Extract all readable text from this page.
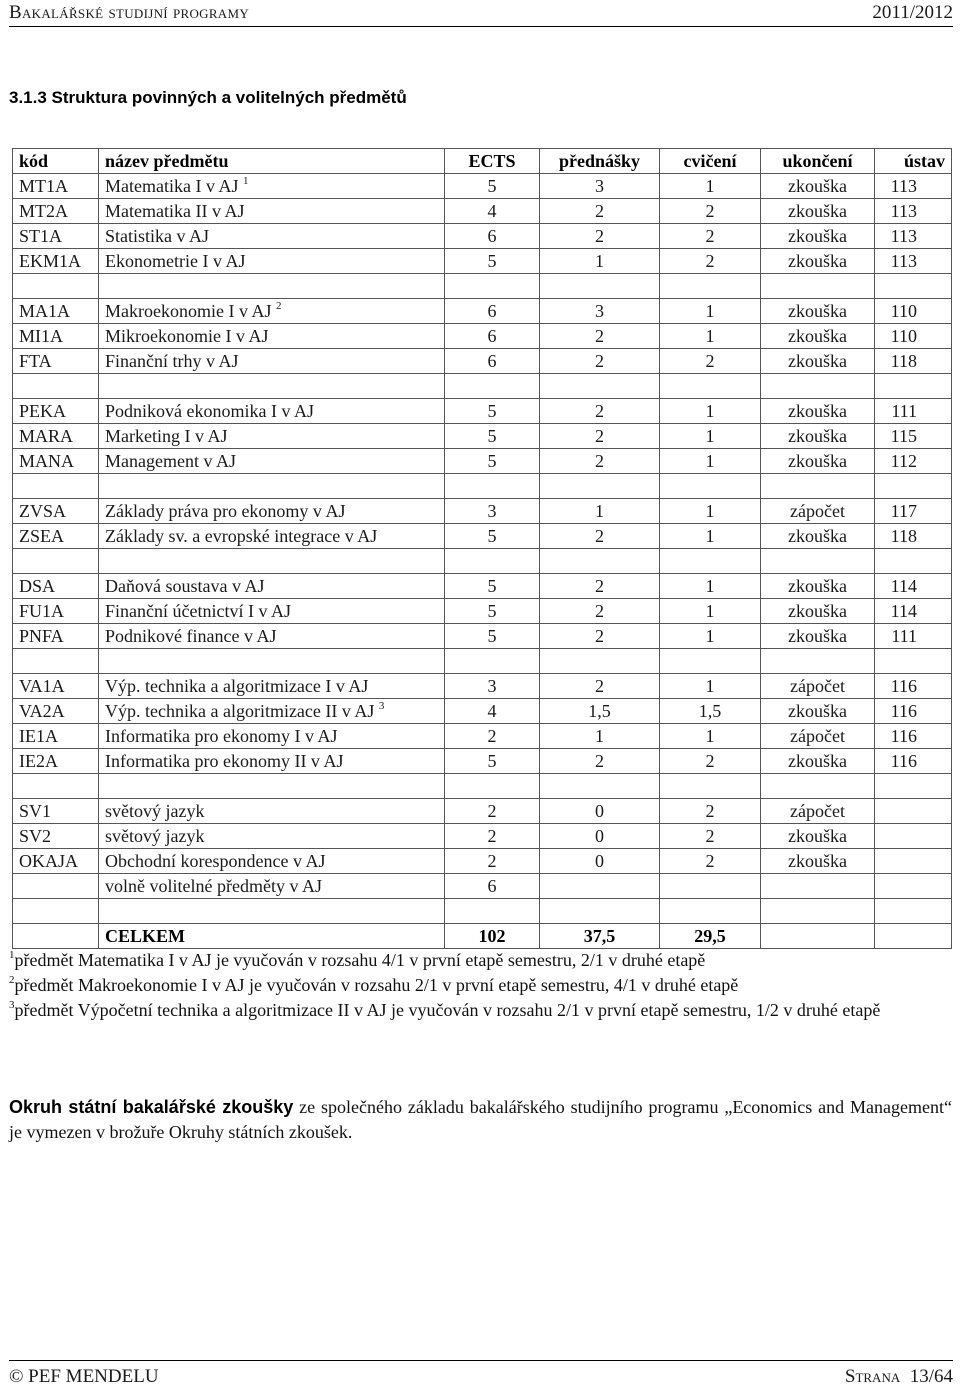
Bakalářské studijní programy	2011/2012
3.1.3 Struktura povinných a volitelných předmětů
kód	název předmětu	ECTS	přednášky	cvičení	ukončení	ústav
MT1A	Matematika I v AJ $^1$	5	3	1	zkouška	113
MT2A	Matematika II v AJ	4	2	2	zkouška	113
ST1A	Statistika v AJ	6	2	2	zkouška	113
EKM1A	Ekonometrie I v AJ	5	1	2	zkouška	113

MA1A	Makroekonomie I v AJ $^2$	6	3	1	zkouška	110
MI1A	Mikroekonomie I v AJ	6	2	1	zkouška	110
FTA	Finanční trhy v AJ	6	2	2	zkouška	118

PEKA	Podniková ekonomika I v AJ	5	2	1	zkouška	111
MARA	Marketing I v AJ	5	2	1	zkouška	115
MANA	Management v AJ	5	2	1	zkouška	112

ZVSA	Základy práva pro ekonomy v AJ	3	1	1	zápočet	117
ZSEA	Základy sv. a evropské integrace v AJ	5	2	1	zkouška	118

DSA	Daňová soustava v AJ	5	2	1	zkouška	114
FU1A	Finanční účetnictví I v AJ	5	2	1	zkouška	114
PNFA	Podnikové finance v AJ	5	2	1	zkouška	111

VA1A	Výp. technika a algoritmizace I v AJ	3	2	1	zápočet	116
VA2A	Výp. technika a algoritmizace II v AJ $^3$	4	1,5	1,5	zkouška	116
IE1A	Informatika pro ekonomy I v AJ	2	1	1	zápočet	116
IE2A	Informatika pro ekonomy II v AJ	5	2	2	zkouška	116

SV1	světový jazyk	2	0	2	zápočet	
SV2	světový jazyk	2	0	2	zkouška	
OKAJA	Obchodní korespondence v AJ	2	0	2	zkouška	
	volně volitelné předměty v AJ	6				

	CELKEM	102	37,5	29,5		

$^1$předmět Matematika I v AJ je vyučován v rozsahu 4/1 v první etapě semestru, 2/1 v druhé etapě

$^2$předmět Makroekonomie I v AJ je vyučován v rozsahu 2/1 v první etapě semestru, 4/1 v druhé etapě

$^3$předmět Výpočetní technika a algoritmizace II v AJ je vyučován v rozsahu 2/1 v první etapě semestru, 1/2 v druhé etapě

Okruh státní bakalářské zkoušky ze společného základu bakalářského studijního programu „Economics and Management“ je vymezen v brožuře Okruhy státních zkoušek.
© PEF MENDELU	Strana 13/64
